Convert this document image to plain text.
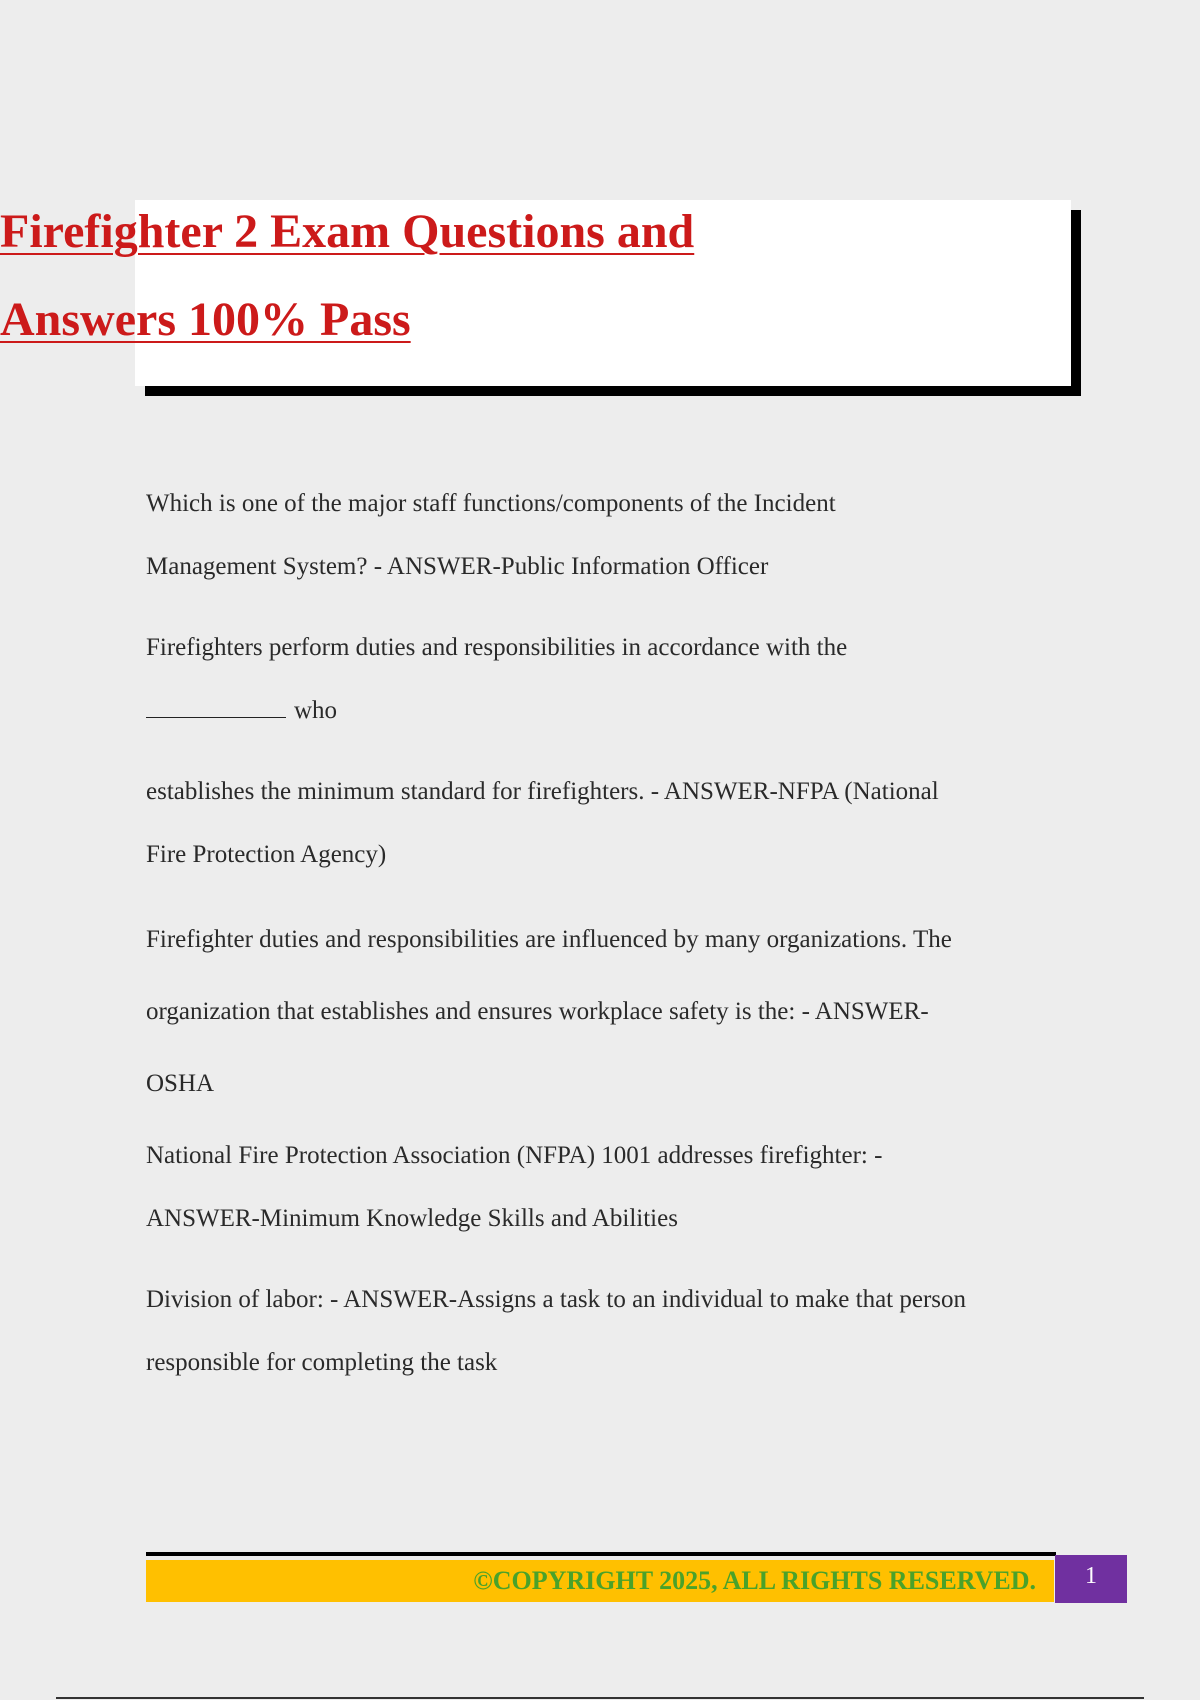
Firefighter 2 Exam Questions and
Answers 100% Pass

Which is one of the major staff functions/components of the Incident
Management System? - ANSWER-Public Information Officer

Firefighters perform duties and responsibilities in accordance with the
who

establishes the minimum standard for firefighters. - ANSWER-NFPA (National
Fire Protection Agency)

Firefighter duties and responsibilities are influenced by many organizations. The
organization that establishes and ensures workplace safety is the: - ANSWER-
OSHA

National Fire Protection Association (NFPA) 1001 addresses firefighter: -
ANSWER-Minimum Knowledge Skills and Abilities

Division of labor: - ANSWER-Assigns a task to an individual to make that person
responsible for completing the task

©COPYRIGHT 2025, ALL RIGHTS RESERVED.	1
